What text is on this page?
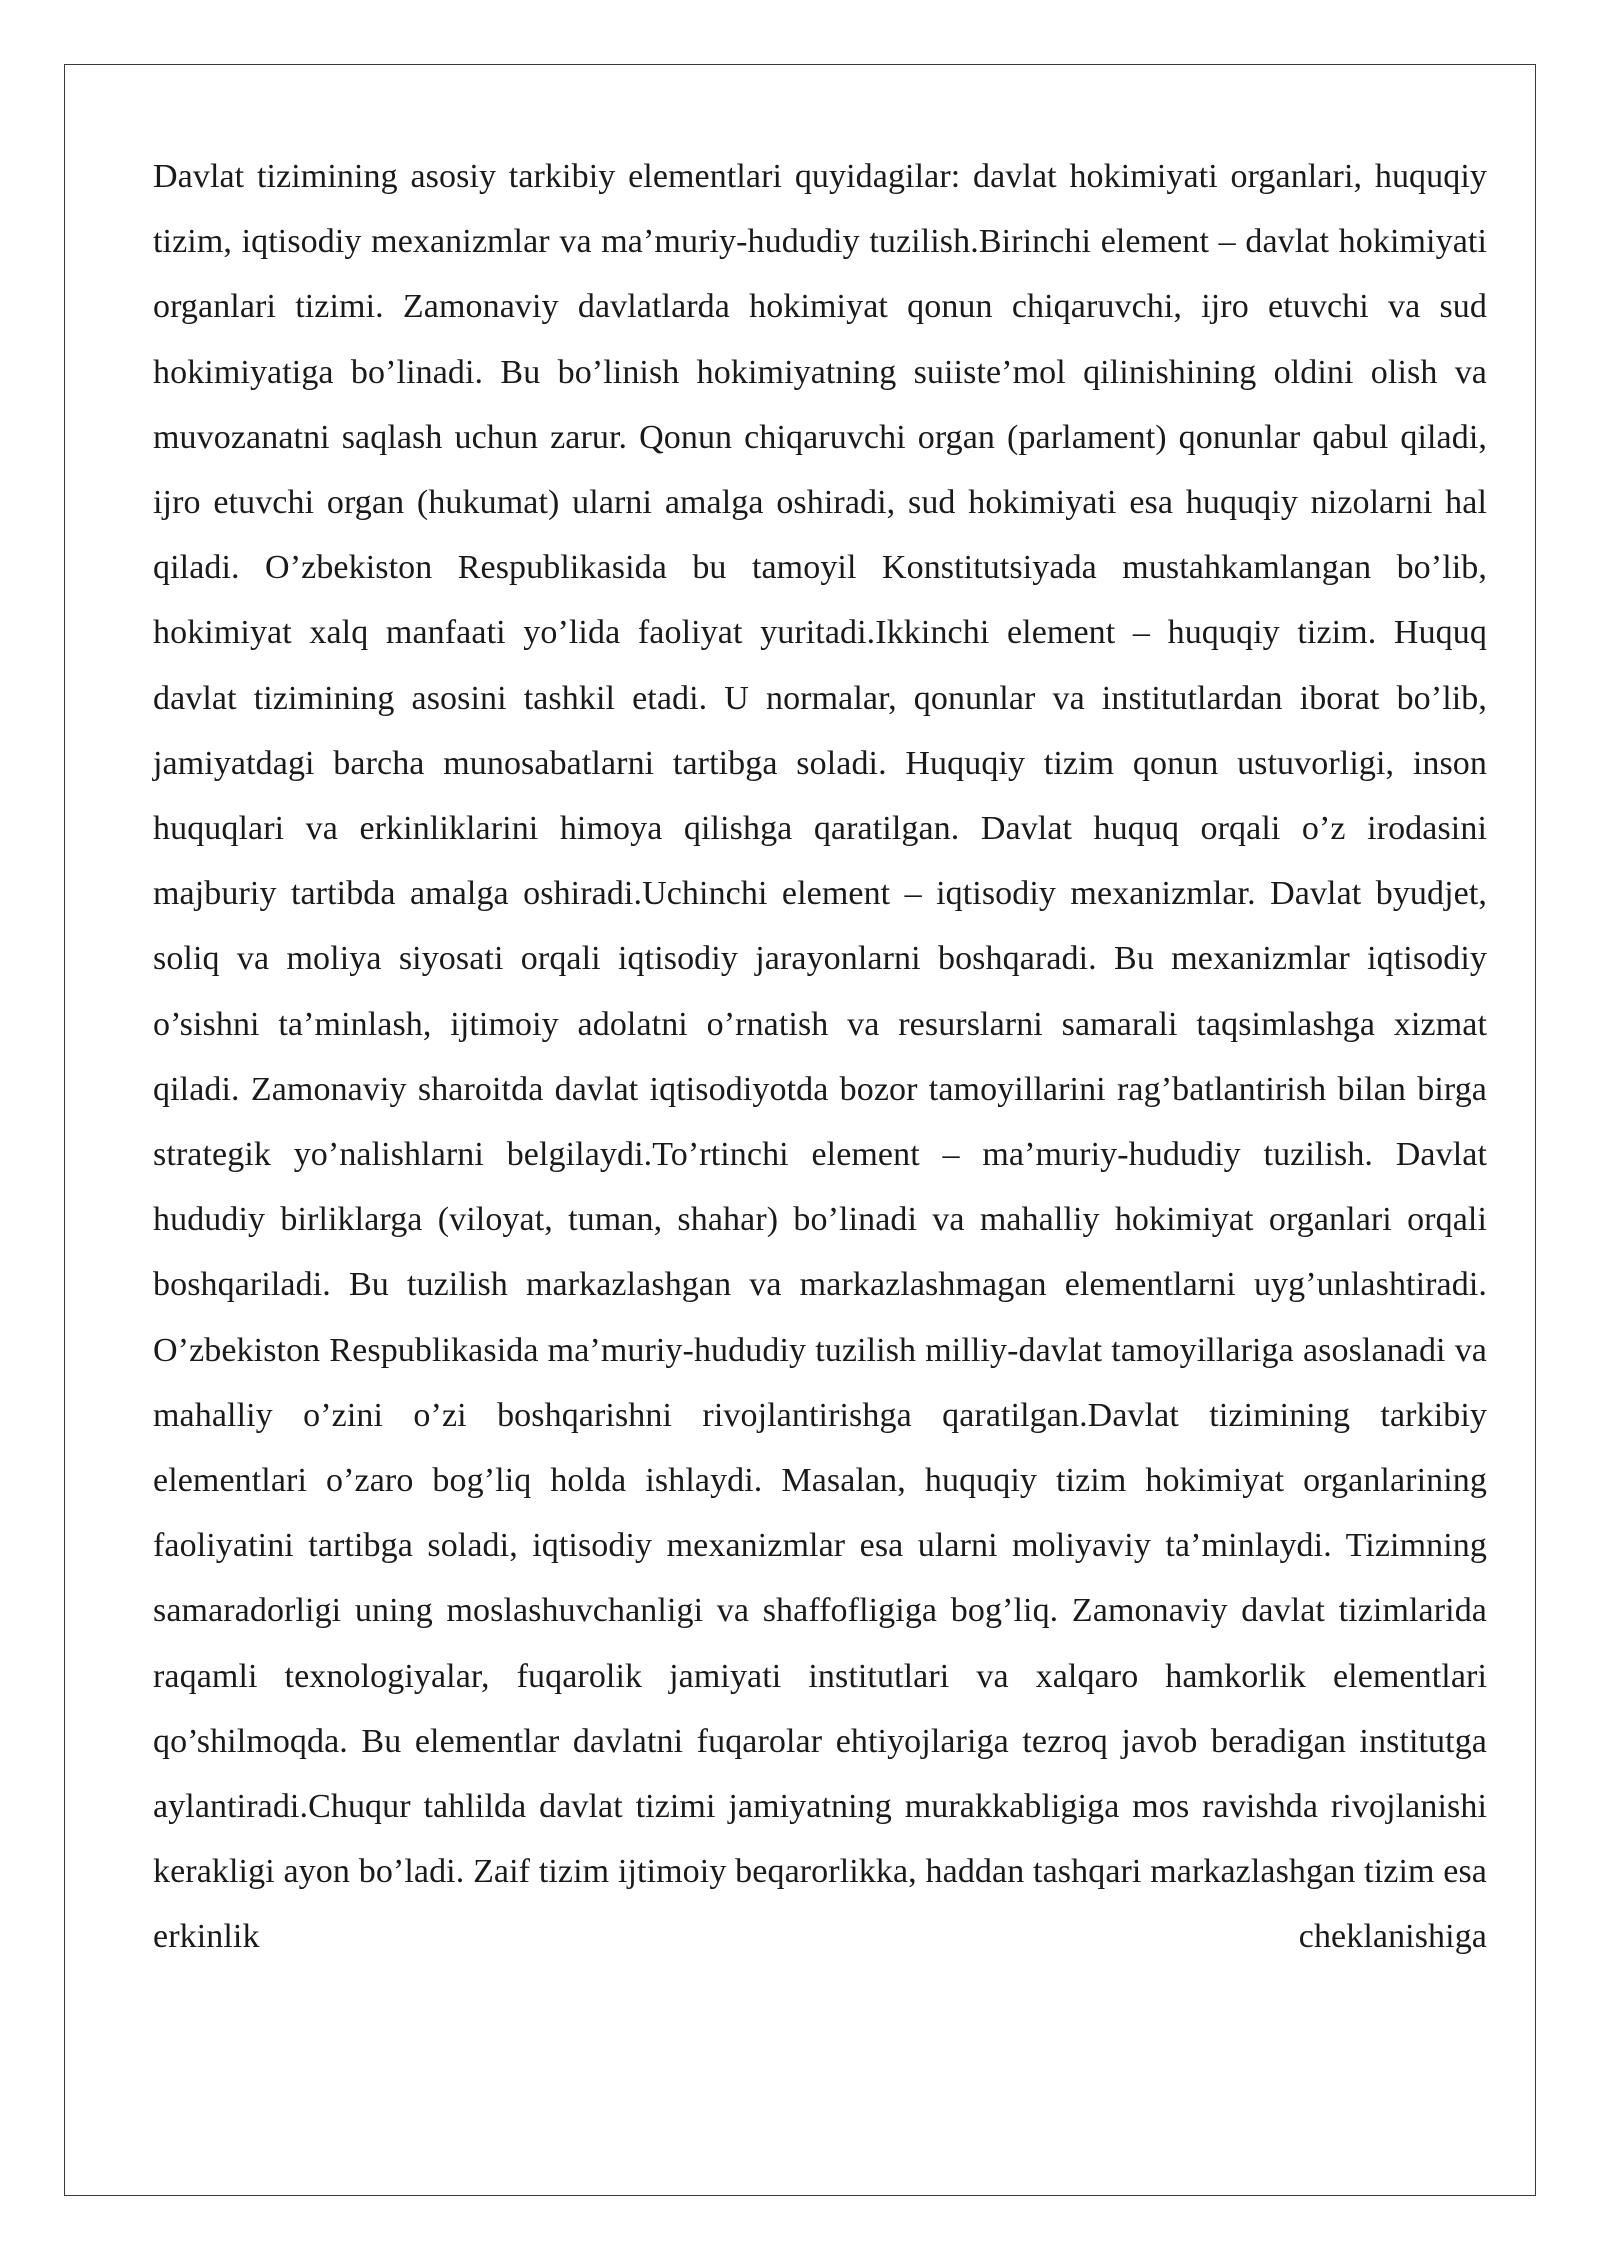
Davlat tizimining asosiy tarkibiy elementlari quyidagilar: davlat hokimiyati organlari, huquqiy tizim, iqtisodiy mexanizmlar va ma’muriy-hududiy tuzilish.Birinchi element – davlat hokimiyati organlari tizimi. Zamonaviy davlatlarda hokimiyat qonun chiqaruvchi, ijro etuvchi va sud hokimiyatiga bo’linadi. Bu bo’linish hokimiyatning suiiste’mol qilinishining oldini olish va muvozanatni saqlash uchun zarur. Qonun chiqaruvchi organ (parlament) qonunlar qabul qiladi, ijro etuvchi organ (hukumat) ularni amalga oshiradi, sud hokimiyati esa huquqiy nizolarni hal qiladi. O’zbekiston Respublikasida bu tamoyil Konstitutsiyada mustahkamlangan bo’lib, hokimiyat xalq manfaati yo’lida faoliyat yuritadi.Ikkinchi element – huquqiy tizim. Huquq davlat tizimining asosini tashkil etadi. U normalar, qonunlar va institutlardan iborat bo’lib, jamiyatdagi barcha munosabatlarni tartibga soladi. Huquqiy tizim qonun ustuvorligi, inson huquqlari va erkinliklarini himoya qilishga qaratilgan. Davlat huquq orqali o’z irodasini majburiy tartibda amalga oshiradi.Uchinchi element – iqtisodiy mexanizmlar. Davlat byudjet, soliq va moliya siyosati orqali iqtisodiy jarayonlarni boshqaradi. Bu mexanizmlar iqtisodiy o’sishni ta’minlash, ijtimoiy adolatni o’rnatish va resurslarni samarali taqsimlashga xizmat qiladi. Zamonaviy sharoitda davlat iqtisodiyotda bozor tamoyillarini rag’batlantirish bilan birga strategik yo’nalishlarni belgilaydi.To’rtinchi element – ma’muriy-hududiy tuzilish. Davlat hududiy birliklarga (viloyat, tuman, shahar) bo’linadi va mahalliy hokimiyat organlari orqali boshqariladi. Bu tuzilish markazlashgan va markazlashmagan elementlarni uyg’unlashtiradi. O’zbekiston Respublikasida ma’muriy-hududiy tuzilish milliy-davlat tamoyillariga asoslanadi va mahalliy o’zini o’zi boshqarishni rivojlantirishga qaratilgan.Davlat tizimining tarkibiy elementlari o’zaro bog’liq holda ishlaydi. Masalan, huquqiy tizim hokimiyat organlarining faoliyatini tartibga soladi, iqtisodiy mexanizmlar esa ularni moliyaviy ta’minlaydi. Tizimning samaradorligi uning moslashuvchanligi va shaffofligiga bog’liq. Zamonaviy davlat tizimlarida raqamli texnologiyalar, fuqarolik jamiyati institutlari va xalqaro hamkorlik elementlari qo’shilmoqda. Bu elementlar davlatni fuqarolar ehtiyojlariga tezroq javob beradigan institutga aylantiradi.Chuqur tahlilda davlat tizimi jamiyatning murakkabligiga mos ravishda rivojlanishi kerakligi ayon bo’ladi. Zaif tizim ijtimoiy beqarorlikka, haddan tashqari markazlashgan tizim esa erkinlik cheklanishiga
